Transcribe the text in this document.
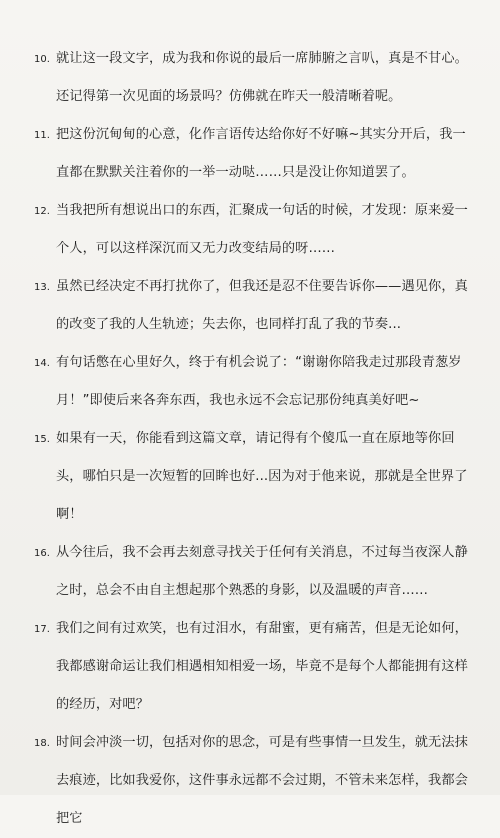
10. 就让这一段文字，成为我和你说的最后一席肺腑之言叭，真是不甘心。还记得第一次见面的场景吗？仿佛就在昨天一般清晰着呢。
11. 把这份沉甸甸的心意，化作言语传达给你好不好嘛~其实分开后，我一直都在默默关注着你的一举一动哒……只是没让你知道罢了。
12. 当我把所有想说出口的东西，汇聚成一句话的时候，才发现：原来爱一个人，可以这样深沉而又无力改变结局的呀……
13. 虽然已经决定不再打扰你了，但我还是忍不住要告诉你——遇见你，真的改变了我的人生轨迹；失去你，也同样打乱了我的节奏...
14. 有句话憋在心里好久，终于有机会说了：“谢谢你陪我走过那段青葱岁月！”即使后来各奔东西，我也永远不会忘记那份纯真美好吧~
15. 如果有一天，你能看到这篇文章，请记得有个傻瓜一直在原地等你回头，哪怕只是一次短暂的回眸也好...因为对于他来说，那就是全世界了啊！
16. 从今往后，我不会再去刻意寻找关于任何有关消息，不过每当夜深人静之时，总会不由自主想起那个熟悉的身影，以及温暖的声音……
17. 我们之间有过欢笑，也有过泪水，有甜蜜，更有痛苦，但是无论如何，我都感谢命运让我们相遇相知相爱一场，毕竟不是每个人都能拥有这样的经历，对吧？
18. 时间会冲淡一切，包括对你的思念，可是有些事情一旦发生，就无法抹去痕迹，比如我爱你，这件事永远都不会过期，不管未来怎样，我都会把它
